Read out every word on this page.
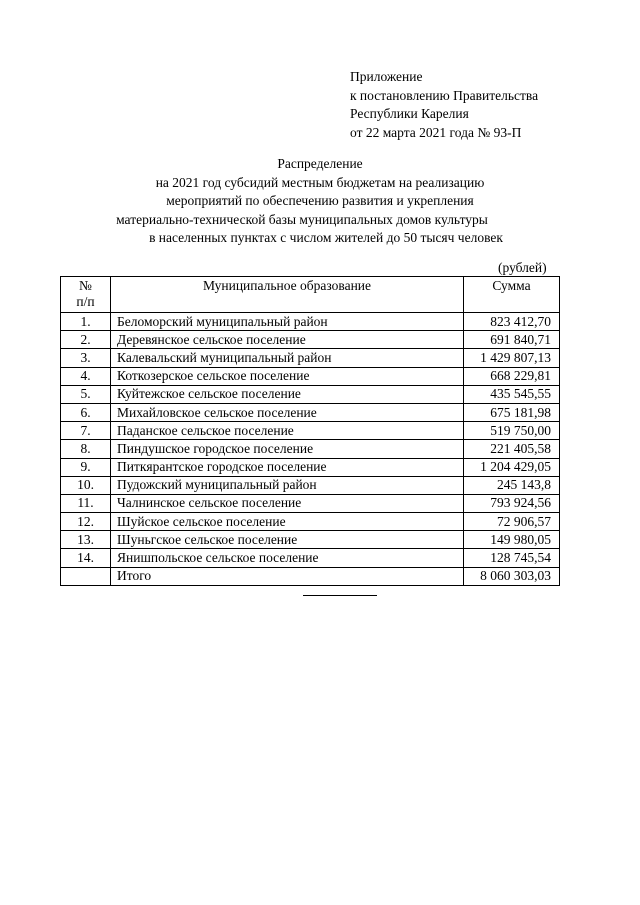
Приложение
к постановлению Правительства
Республики Карелия
от 22 марта 2021 года № 93-П
Распределение
на 2021 год субсидий местным бюджетам на реализацию
мероприятий по обеспечению развития и укрепления
материально-технической базы муниципальных домов культуры
в населенных пунктах с числом жителей до 50 тысяч человек
(рублей)
№
п/п	Муниципальное образование	Сумма
1.	Беломорский муниципальный район	823 412,70
2.	Деревянское сельское поселение	691 840,71
3.	Калевальский муниципальный район	1 429 807,13
4.	Коткозерское сельское поселение	668 229,81
5.	Куйтежское сельское поселение	435 545,55
6.	Михайловское сельское поселение	675 181,98
7.	Паданское сельское поселение	519 750,00
8.	Пиндушское городское поселение	221 405,58
9.	Питкярантское городское поселение	1 204 429,05
10.	Пудожский муниципальный район	245 143,8
11.	Чалнинское сельское поселение	793 924,56
12.	Шуйское сельское поселение	72 906,57
13.	Шуньгское сельское поселение	149 980,05
14.	Янишпольское сельское поселение	128 745,54
	Итого	8 060 303,03
